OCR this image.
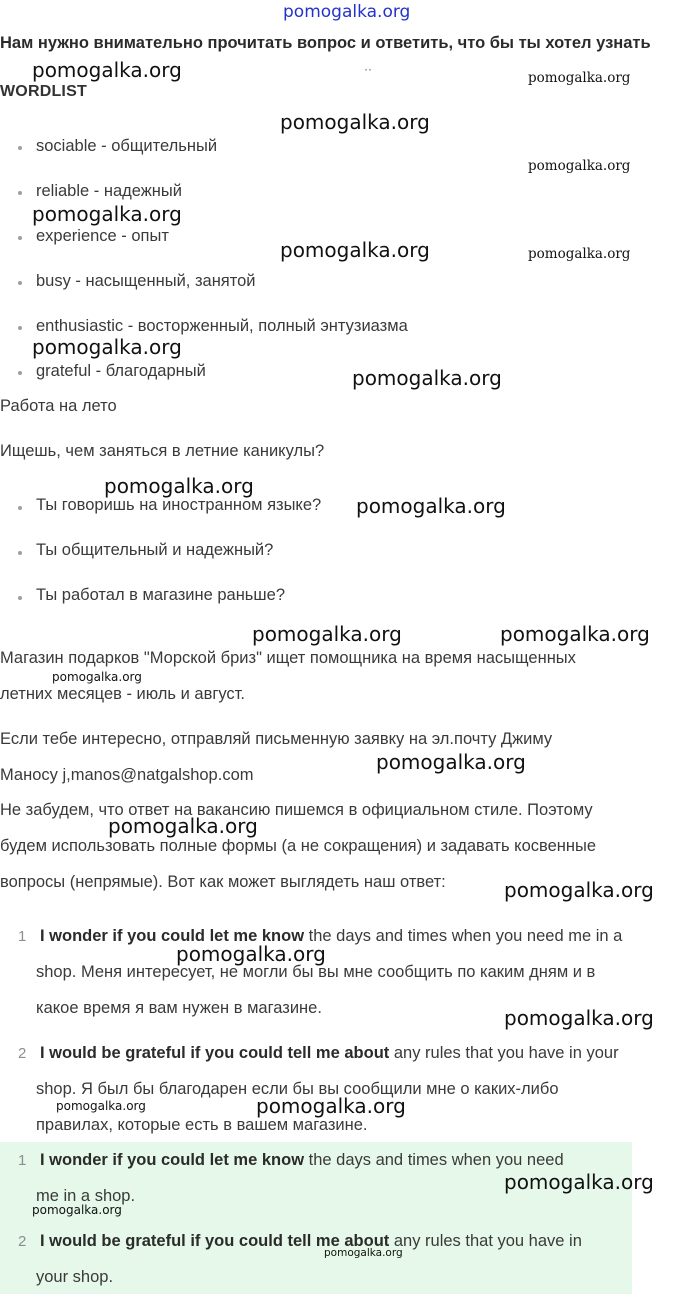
pomogalka.org
Нам нужно внимательно прочитать вопрос и ответить, что бы ты хотел узнать
··
WORDLIST
sociable - общительный
reliable - надежный
experience - опыт
busy - насыщенный, занятой
enthusiastic - восторженный, полный энтузиазма
grateful - благодарный
Работа на лето
Ищешь, чем заняться в летние каникулы?
Ты говоришь на иностранном языке?
Ты общительный и надежный?
Ты работал в магазине раньше?
Магазин подарков "Морской бриз" ищет помощника на время насыщенных
летних месяцев - июль и август.
Если тебе интересно, отправляй письменную заявку на эл.почту Джиму
Маносу j,manos@natgalshop.com
Не забудем, что ответ на вакансию пишемся в официальном стиле. Поэтому
будем использовать полные формы (а не сокращения) и задавать косвенные
вопросы (непрямые). Вот как может выглядеть наш ответ:
1 I wonder if you could let me know the days and times when you need me in a
shop. Меня интересует, не могли бы вы мне сообщить по каким дням и в
какое время я вам нужен в магазине.
2 I would be grateful if you could tell me about any rules that you have in your
shop. Я был бы благодарен если бы вы сообщили мне о каких-либо
правилах, которые есть в вашем магазине.
1 I wonder if you could let me know the days and times when you need
me in a shop.
2 I would be grateful if you could tell me about any rules that you have in
your shop.
pomogalka.org	pomogalka.org
pomogalka.org
pomogalka.org
pomogalka.org
pomogalka.org	pomogalka.org
pomogalka.org
pomogalka.org
pomogalka.org
pomogalka.org
pomogalka.org	pomogalka.org
pomogalka.org
pomogalka.org
pomogalka.org
pomogalka.org
pomogalka.org
pomogalka.org
pomogalka.org	pomogalka.org
pomogalka.org
pomogalka.org
pomogalka.org
